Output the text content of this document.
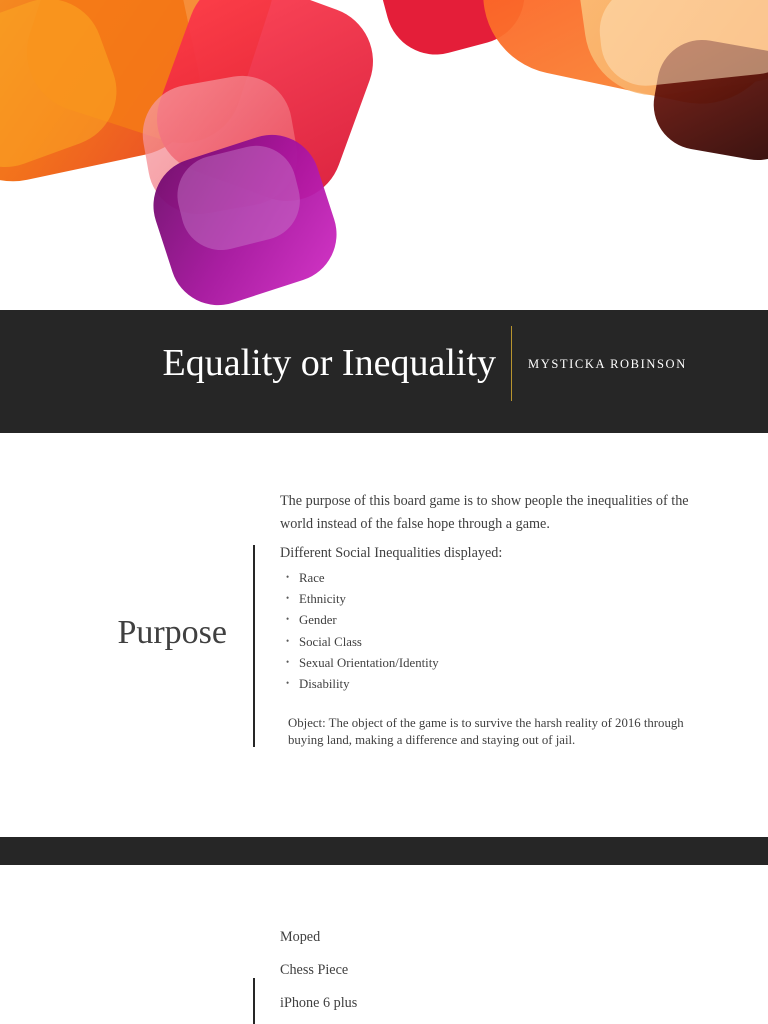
Equality or Inequality	MYSTICKA ROBINSON
Purpose
The purpose of this board game is to show people the inequalities of the world instead of the false hope through a game.
Different Social Inequalities displayed:
• Race
• Ethnicity
• Gender
• Social Class
• Sexual Orientation/Identity
• Disability
Object: The object of the game is to survive the harsh reality of 2016 through buying land, making a difference and staying out of jail.
Moped
Chess Piece
iPhone 6 plus
